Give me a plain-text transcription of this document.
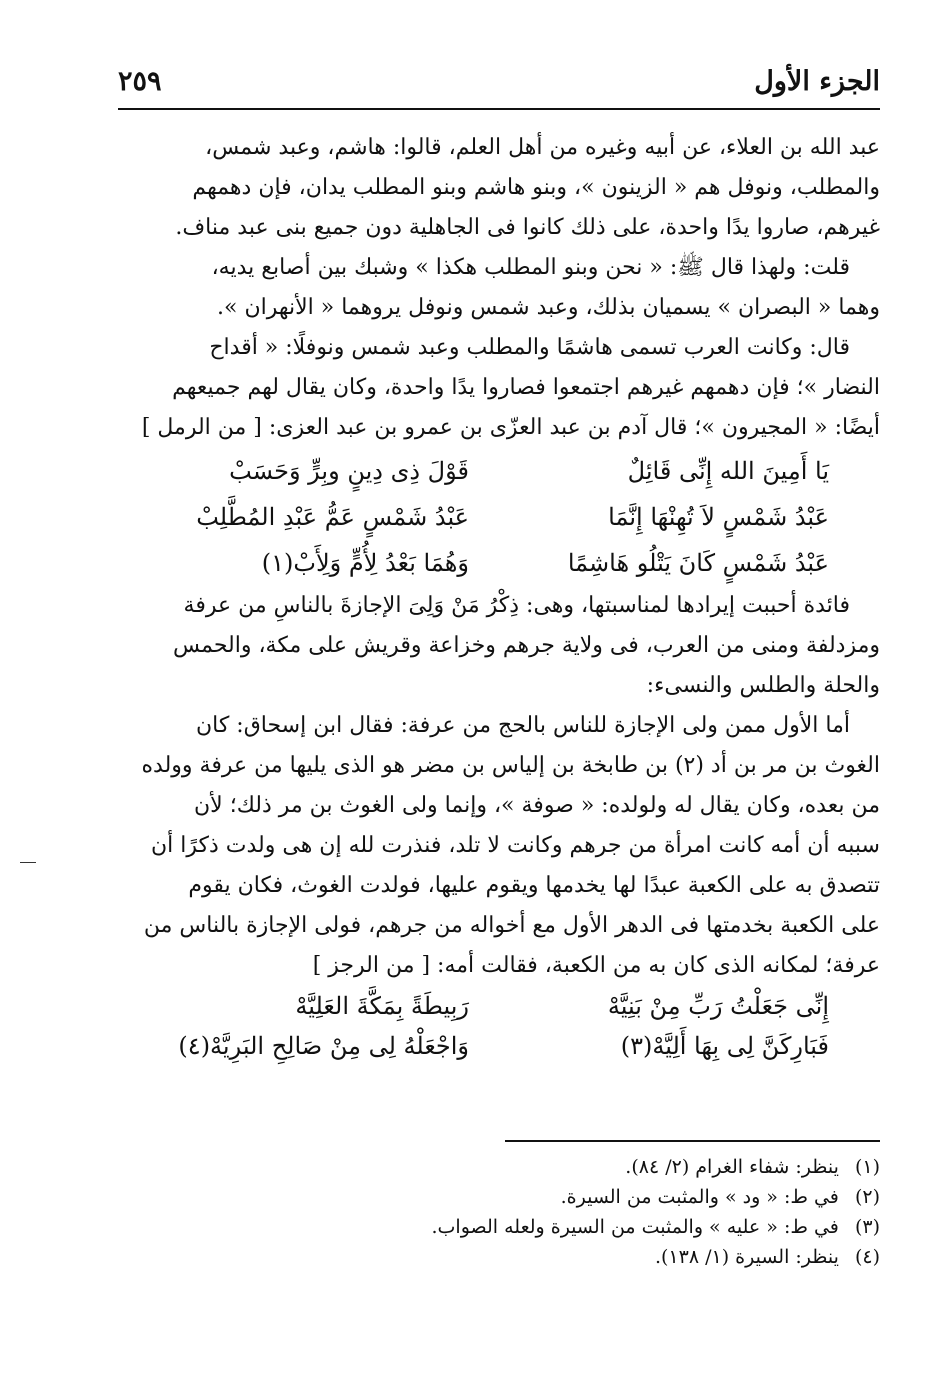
الجزء الأول
٢٥٩
عبد الله بن العلاء، عن أبيه وغيره من أهل العلم، قالوا: هاشم، وعبد شمس،
والمطلب، ونوفل هم « الزينون »، وبنو هاشم وبنو المطلب يدان، فإن دهمهم
غيرهم، صاروا يدًا واحدة، على ذلك كانوا فى الجاهلية دون جميع بنى عبد مناف.
قلت: ولهذا قال ﷺ: « نحن وبنو المطلب هكذا » وشبك بين أصابع يديه،
وهما « البصران » يسميان بذلك، وعبد شمس ونوفل يروهما « الأنهران ».
قال: وكانت العرب تسمى هاشمًا والمطلب وعبد شمس ونوفلًا: « أقداح
النضار »؛ فإن دهمهم غيرهم اجتمعوا فصاروا يدًا واحدة، وكان يقال لهم جميعهم
أيضًا: « المجيرون »؛ قال آدم بن عبد العزّى بن عمرو بن عبد العزى: [ من الرمل ]
يَا أَمِينَ الله إِنِّى قَائِلٌ
قَوْلَ ذِى دِينٍ وبِرٍّ وَحَسَبْ
عَبْدُ شَمْسٍ لاَ تُهِنْهَا إِنَّمَا
عَبْدُ شَمْسٍ عَمُّ عَبْدِ المُطَّلِبْ
عَبْدُ شَمْسٍ كَانَ يَتْلُو هَاشِمًا
وَهُمَا بَعْدُ لِأُمٍّ وَلِأَبْ(١)
فائدة أحببت إيرادها لمناسبتها، وهى: ذِكْرُ مَنْ وَلِىَ الإجازةَ بالناسِ من عرفة
ومزدلفة ومنى من العرب، فى ولاية جرهم وخزاعة وقريش على مكة، والحمس
والحلة والطلس والنسىء:
أما الأول ممن ولى الإجازة للناس بالحج من عرفة: فقال ابن إسحاق: كان
الغوث بن مر بن أد (٢) بن طابخة بن إلياس بن مضر هو الذى يليها من عرفة وولده
من بعده، وكان يقال له ولولده: « صوفة »، وإنما ولى الغوث بن مر ذلك؛ لأن
سببه أن أمه كانت امرأة من جرهم وكانت لا تلد، فنذرت لله إن هى ولدت ذكرًا أن
تتصدق به على الكعبة عبدًا لها يخدمها ويقوم عليها، فولدت الغوث، فكان يقوم
على الكعبة بخدمتها فى الدهر الأول مع أخواله من جرهم، فولى الإجازة بالناس من
عرفة؛ لمكانه الذى كان به من الكعبة، فقالت أمه: [ من الرجز ]
إِنِّى جَعَلْتُ رَبِّ مِنْ بَنِيَّهْ
رَبِيطَةً بِمَكَّةَ العَلِيَّهْ
فَبَارِكَنَّ لِى بِهَا أَلِيَّهْ(٣)
وَاجْعَلْهُ لِى مِنْ صَالِحِ البَرِيَّهْ(٤)
(١) ينظر: شفاء الغرام (٢/ ٨٤).
(٢) في ط: « ود » والمثبت من السيرة.
(٣) في ط: « عليه » والمثبت من السيرة ولعله الصواب.
(٤) ينظر: السيرة (١/ ١٣٨).
